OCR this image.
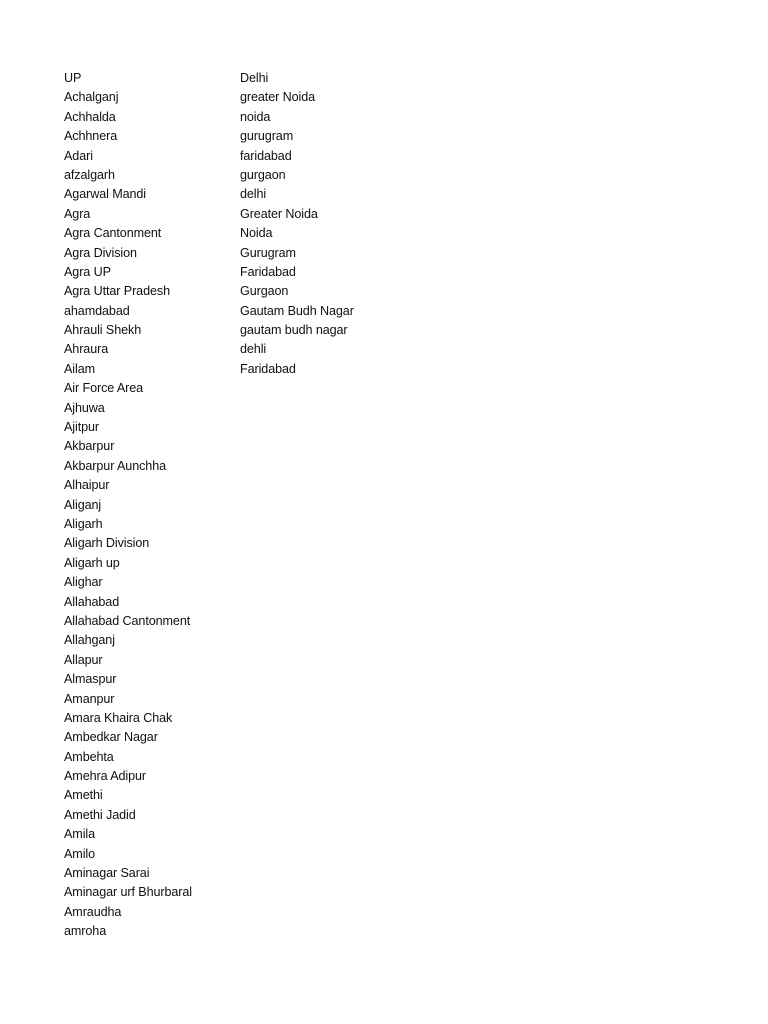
UP
Achalganj
Achhalda
Achhnera
Adari
afzalgarh
Agarwal Mandi
Agra
Agra Cantonment
Agra Division
Agra UP
Agra Uttar Pradesh
ahamdabad
Ahrauli Shekh
Ahraura
Ailam
Air Force Area
Ajhuwa
Ajitpur
Akbarpur
Akbarpur Aunchha
Alhaipur
Aliganj
Aligarh
Aligarh Division
Aligarh up
Alighar
Allahabad
Allahabad Cantonment
Allahganj
Allapur
Almaspur
Amanpur
Amara Khaira Chak
Ambedkar Nagar
Ambehta
Amehra Adipur
Amethi
Amethi Jadid
Amila
Amilo
Aminagar Sarai
Aminagar urf Bhurbaral
Amraudha
amroha
Delhi
greater Noida
noida
gurugram
faridabad
gurgaon
delhi
Greater Noida
Noida
Gurugram
Faridabad
Gurgaon
Gautam Budh Nagar
gautam budh nagar
dehli
Faridabad
